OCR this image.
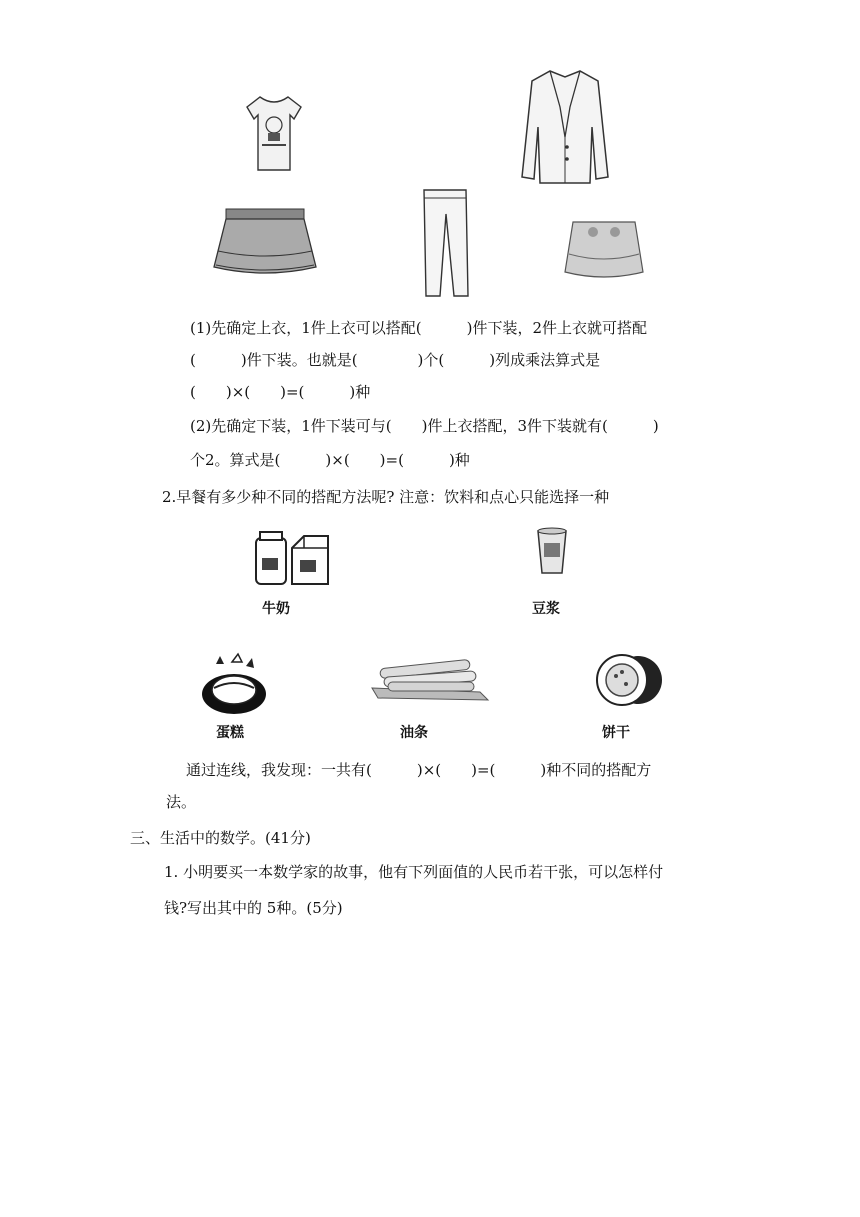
(1)先确定上衣，1件上衣可以搭配(　　　)件下装，2件上衣就可搭配
(　　　)件下装。也就是(　　　　)个(　　　)列成乘法算式是
(　　)×(　　)=(　　　)种
(2)先确定下装，1件下装可与(　　)件上衣搭配，3件下装就有(　　　)
个2。算式是(　　　)×(　　)=(　　　)种
2.早餐有多少种不同的搭配方法呢? 注意：饮料和点心只能选择一种
牛奶	豆浆
蛋糕	油条	饼干
通过连线，我发现：一共有(　　　)×(　　)=(　　　)种不同的搭配方
法。
三、生活中的数学。(41分)
1. 小明要买一本数学家的故事，他有下列面值的人民币若干张，可以怎样付
钱?写出其中的 5种。(5分)
